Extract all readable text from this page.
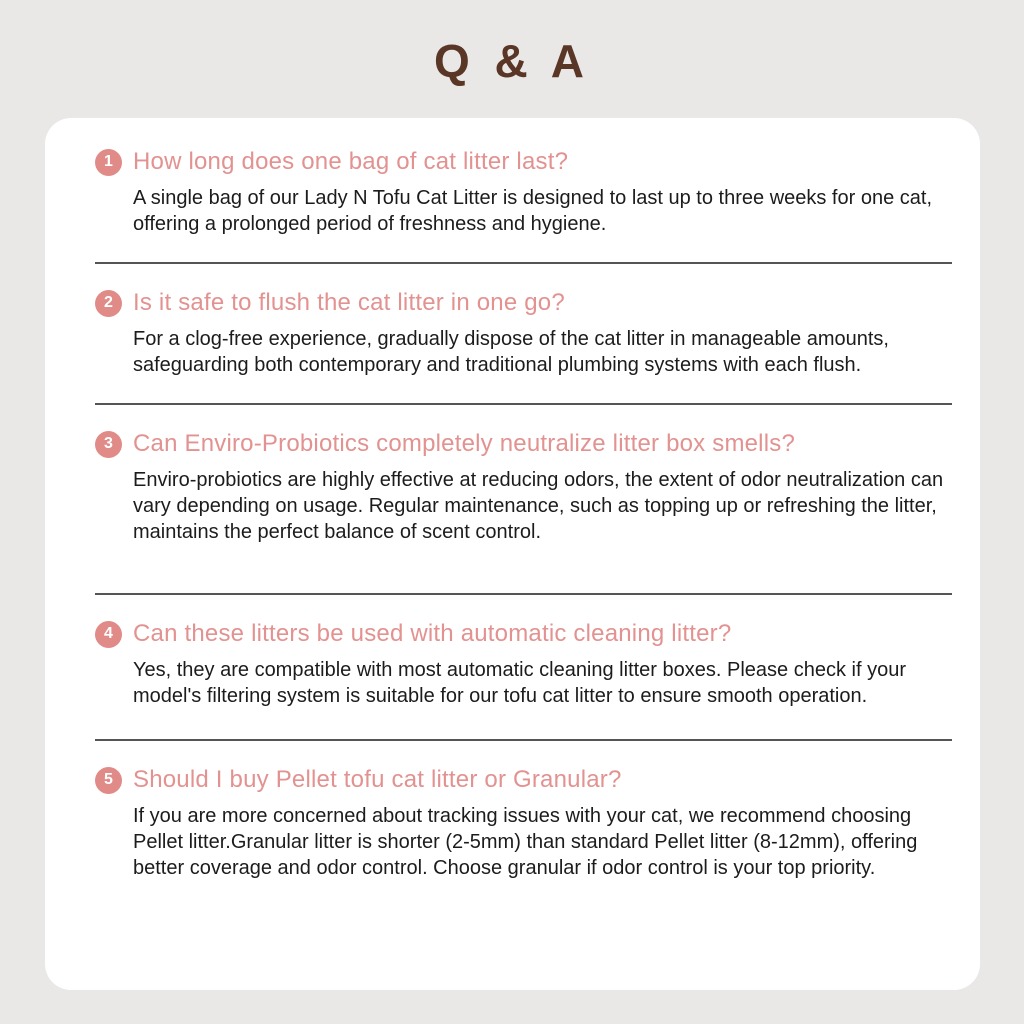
Q & A
1 How long does one bag of cat litter last?

A single bag of our Lady N Tofu Cat Litter is designed to last up to three weeks for one cat, offering a prolonged period of freshness and hygiene.

2 Is it safe to flush the cat litter in one go?

For a clog-free experience, gradually dispose of the cat litter in manageable amounts, safeguarding both contemporary and traditional plumbing systems with each flush.

3 Can Enviro-Probiotics completely neutralize litter box smells?

Enviro-probiotics are highly effective at reducing odors, the extent of odor neutralization can vary depending on usage. Regular maintenance, such as topping up or refreshing the litter, maintains the perfect balance of scent control.

4 Can these litters be used with automatic cleaning litter?

Yes, they are compatible with most automatic cleaning litter boxes. Please check if your model's filtering system is suitable for our tofu cat litter to ensure smooth operation.

5 Should I buy Pellet tofu cat litter or Granular?

If you are more concerned about tracking issues with your cat, we recommend choosing Pellet litter.Granular litter is shorter (2-5mm) than standard Pellet litter (8-12mm), offering better coverage and odor control. Choose granular if odor control is your top priority.
